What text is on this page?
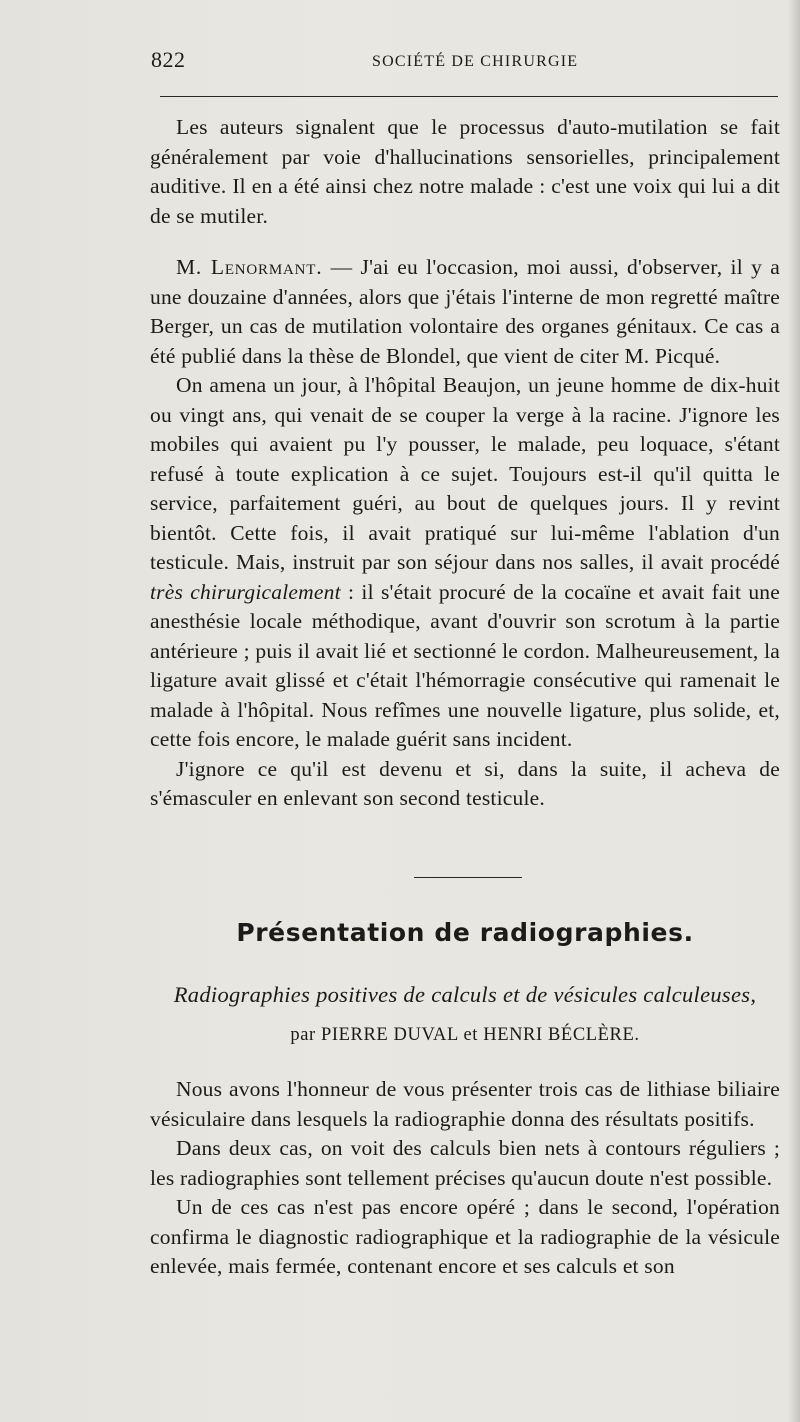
822	SOCIÉTÉ DE CHIRURGIE

Les auteurs signalent que le processus d'auto-mutilation se fait généralement par voie d'hallucinations sensorielles, principalement auditive. Il en a été ainsi chez notre malade : c'est une voix qui lui a dit de se mutiler.

M. Lenormant. — J'ai eu l'occasion, moi aussi, d'observer, il y a une douzaine d'années, alors que j'étais l'interne de mon regretté maître Berger, un cas de mutilation volontaire des organes génitaux. Ce cas a été publié dans la thèse de Blondel, que vient de citer M. Picqué.

On amena un jour, à l'hôpital Beaujon, un jeune homme de dix-huit ou vingt ans, qui venait de se couper la verge à la racine. J'ignore les mobiles qui avaient pu l'y pousser, le malade, peu loquace, s'étant refusé à toute explication à ce sujet. Toujours est-il qu'il quitta le service, parfaitement guéri, au bout de quelques jours. Il y revint bientôt. Cette fois, il avait pratiqué sur lui-même l'ablation d'un testicule. Mais, instruit par son séjour dans nos salles, il avait procédé très chirurgicalement : il s'était procuré de la cocaïne et avait fait une anesthésie locale méthodique, avant d'ouvrir son scrotum à la partie antérieure ; puis il avait lié et sectionné le cordon. Malheureusement, la ligature avait glissé et c'était l'hémorragie consécutive qui ramenait le malade à l'hôpital. Nous refîmes une nouvelle ligature, plus solide, et, cette fois encore, le malade guérit sans incident.

J'ignore ce qu'il est devenu et si, dans la suite, il acheva de s'émasculer en enlevant son second testicule.

Présentation de radiographies.
Radiographies positives de calculs et de vésicules calculeuses,
par PIERRE DUVAL et HENRI BÉCLÈRE.

Nous avons l'honneur de vous présenter trois cas de lithiase biliaire vésiculaire dans lesquels la radiographie donna des résultats positifs.

Dans deux cas, on voit des calculs bien nets à contours réguliers ; les radiographies sont tellement précises qu'aucun doute n'est possible.

Un de ces cas n'est pas encore opéré ; dans le second, l'opération confirma le diagnostic radiographique et la radiographie de la vésicule enlevée, mais fermée, contenant encore et ses calculs et son
